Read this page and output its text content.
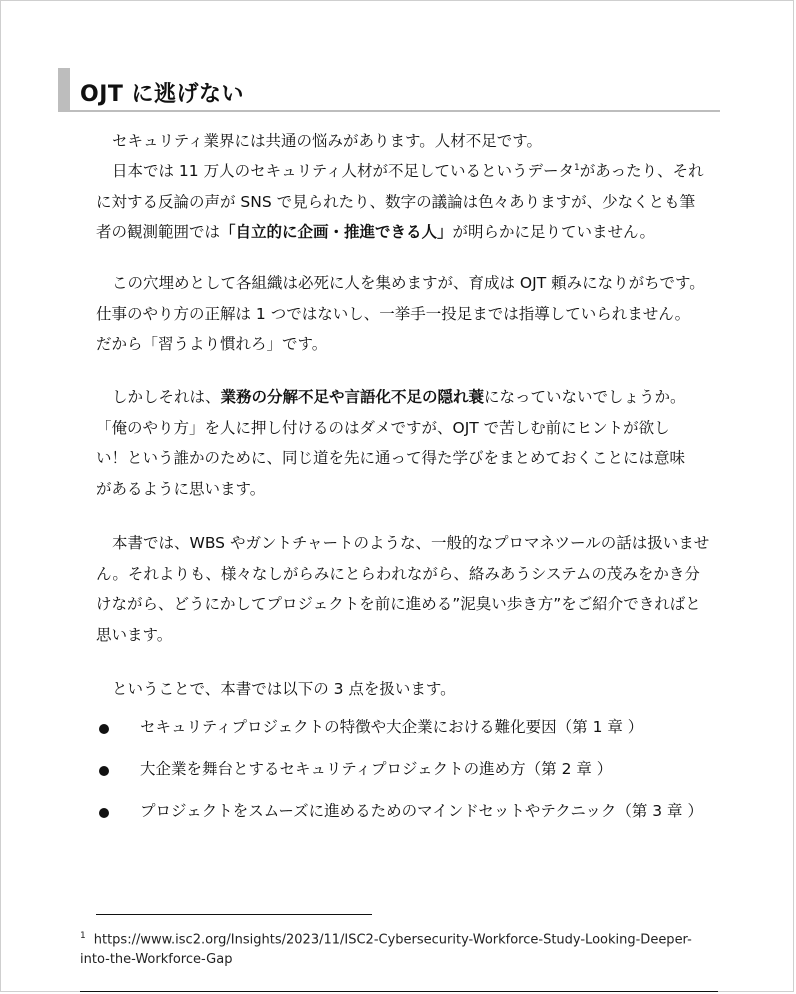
OJT に逃げない

セキュリティ業界には共通の悩みがあります。人材不足です。

日本では 11 万人のセキュリティ人材が不足しているというデータ$^1$があったり、それ
に対する反論の声が SNS で見られたり、数字の議論は色々ありますが、少なくとも筆
者の観測範囲では「自立的に企画・推進できる人」が明らかに足りていません。

この穴埋めとして各組織は必死に人を集めますが、育成は OJT 頼みになりがちです。
仕事のやり方の正解は 1 つではないし、一挙手一投足までは指導していられません。
だから「習うより慣れろ」です。

しかしそれは、業務の分解不足や言語化不足の隠れ蓑になっていないでしょうか。
「俺のやり方」を人に押し付けるのはダメですが、OJT で苦しむ前にヒントが欲し
い！という誰かのために、同じ道を先に通って得た学びをまとめておくことには意味
があるように思います。

本書では、WBS やガントチャートのような、一般的なプロマネツールの話は扱いませ
ん。それよりも、様々なしがらみにとらわれながら、絡みあうシステムの茂みをかき分
けながら、どうにかしてプロジェクトを前に進める”泥臭い歩き方”をご紹介できればと
思います。

ということで、本書では以下の 3 点を扱います。

セキュリティプロジェクトの特徴や大企業における難化要因（第 1 章 ）
大企業を舞台とするセキュリティプロジェクトの進め方（第 2 章 ）
プロジェクトをスムーズに進めるためのマインドセットやテクニック（第 3 章 ）
$^1$ https://www.isc2.org/Insights/2023/11/ISC2-Cybersecurity-Workforce-Study-Looking-Deeper-
into-the-Workforce-Gap
